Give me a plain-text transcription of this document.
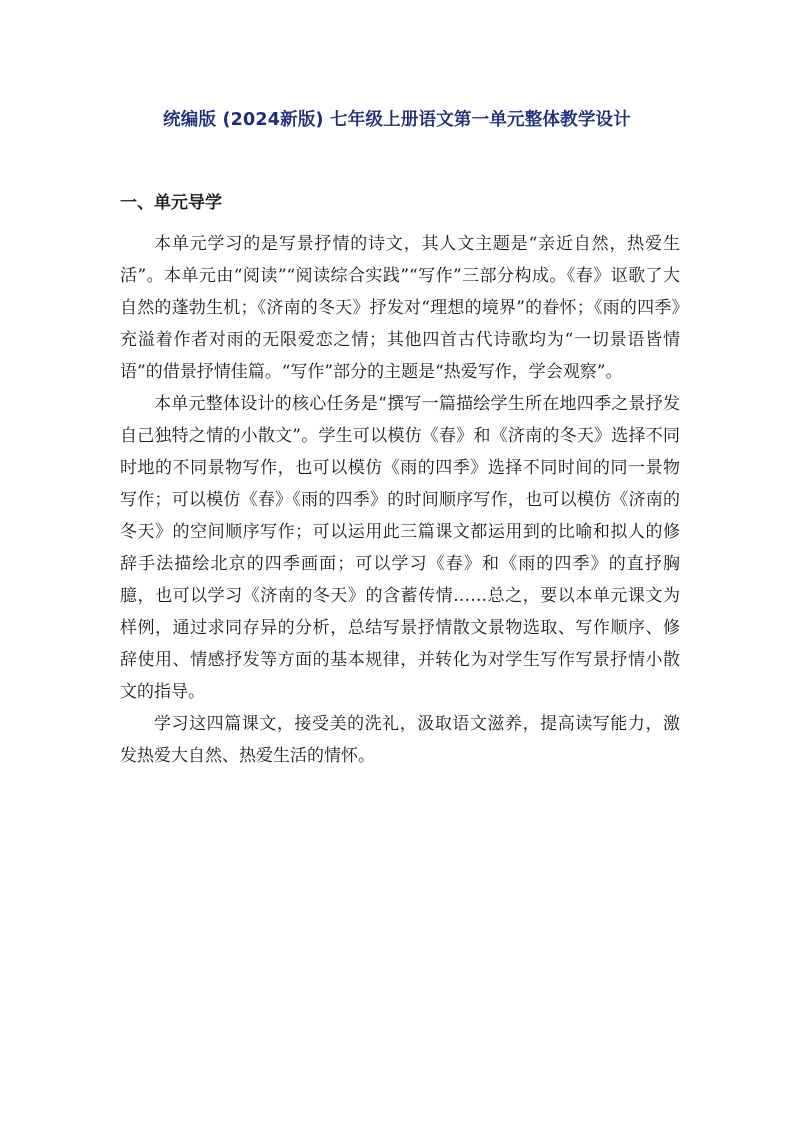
统编版 (2024新版) 七年级上册语文第一单元整体教学设计
一、单元导学

本单元学习的是写景抒情的诗文，其人文主题是“亲近自然，热爱生活”。本单元由“阅读”“阅读综合实践”“写作”三部分构成。《春》讴歌了大自然的蓬勃生机；《济南的冬天》抒发对“理想的境界”的眷怀；《雨的四季》充溢着作者对雨的无限爱恋之情；其他四首古代诗歌均为“一切景语皆情语”的借景抒情佳篇。“写作”部分的主题是“热爱写作，学会观察”。

本单元整体设计的核心任务是“撰写一篇描绘学生所在地四季之景抒发自己独特之情的小散文”。学生可以模仿《春》和《济南的冬天》选择不同时地的不同景物写作，也可以模仿《雨的四季》选择不同时间的同一景物写作；可以模仿《春》《雨的四季》的时间顺序写作，也可以模仿《济南的冬天》的空间顺序写作；可以运用此三篇课文都运用到的比喻和拟人的修辞手法描绘北京的四季画面；可以学习《春》和《雨的四季》的直抒胸臆，也可以学习《济南的冬天》的含蓄传情……总之，要以本单元课文为样例，通过求同存异的分析，总结写景抒情散文景物选取、写作顺序、修辞使用、情感抒发等方面的基本规律，并转化为对学生写作写景抒情小散文的指导。

学习这四篇课文，接受美的洗礼，汲取语文滋养，提高读写能力，激发热爱大自然、热爱生活的情怀。
